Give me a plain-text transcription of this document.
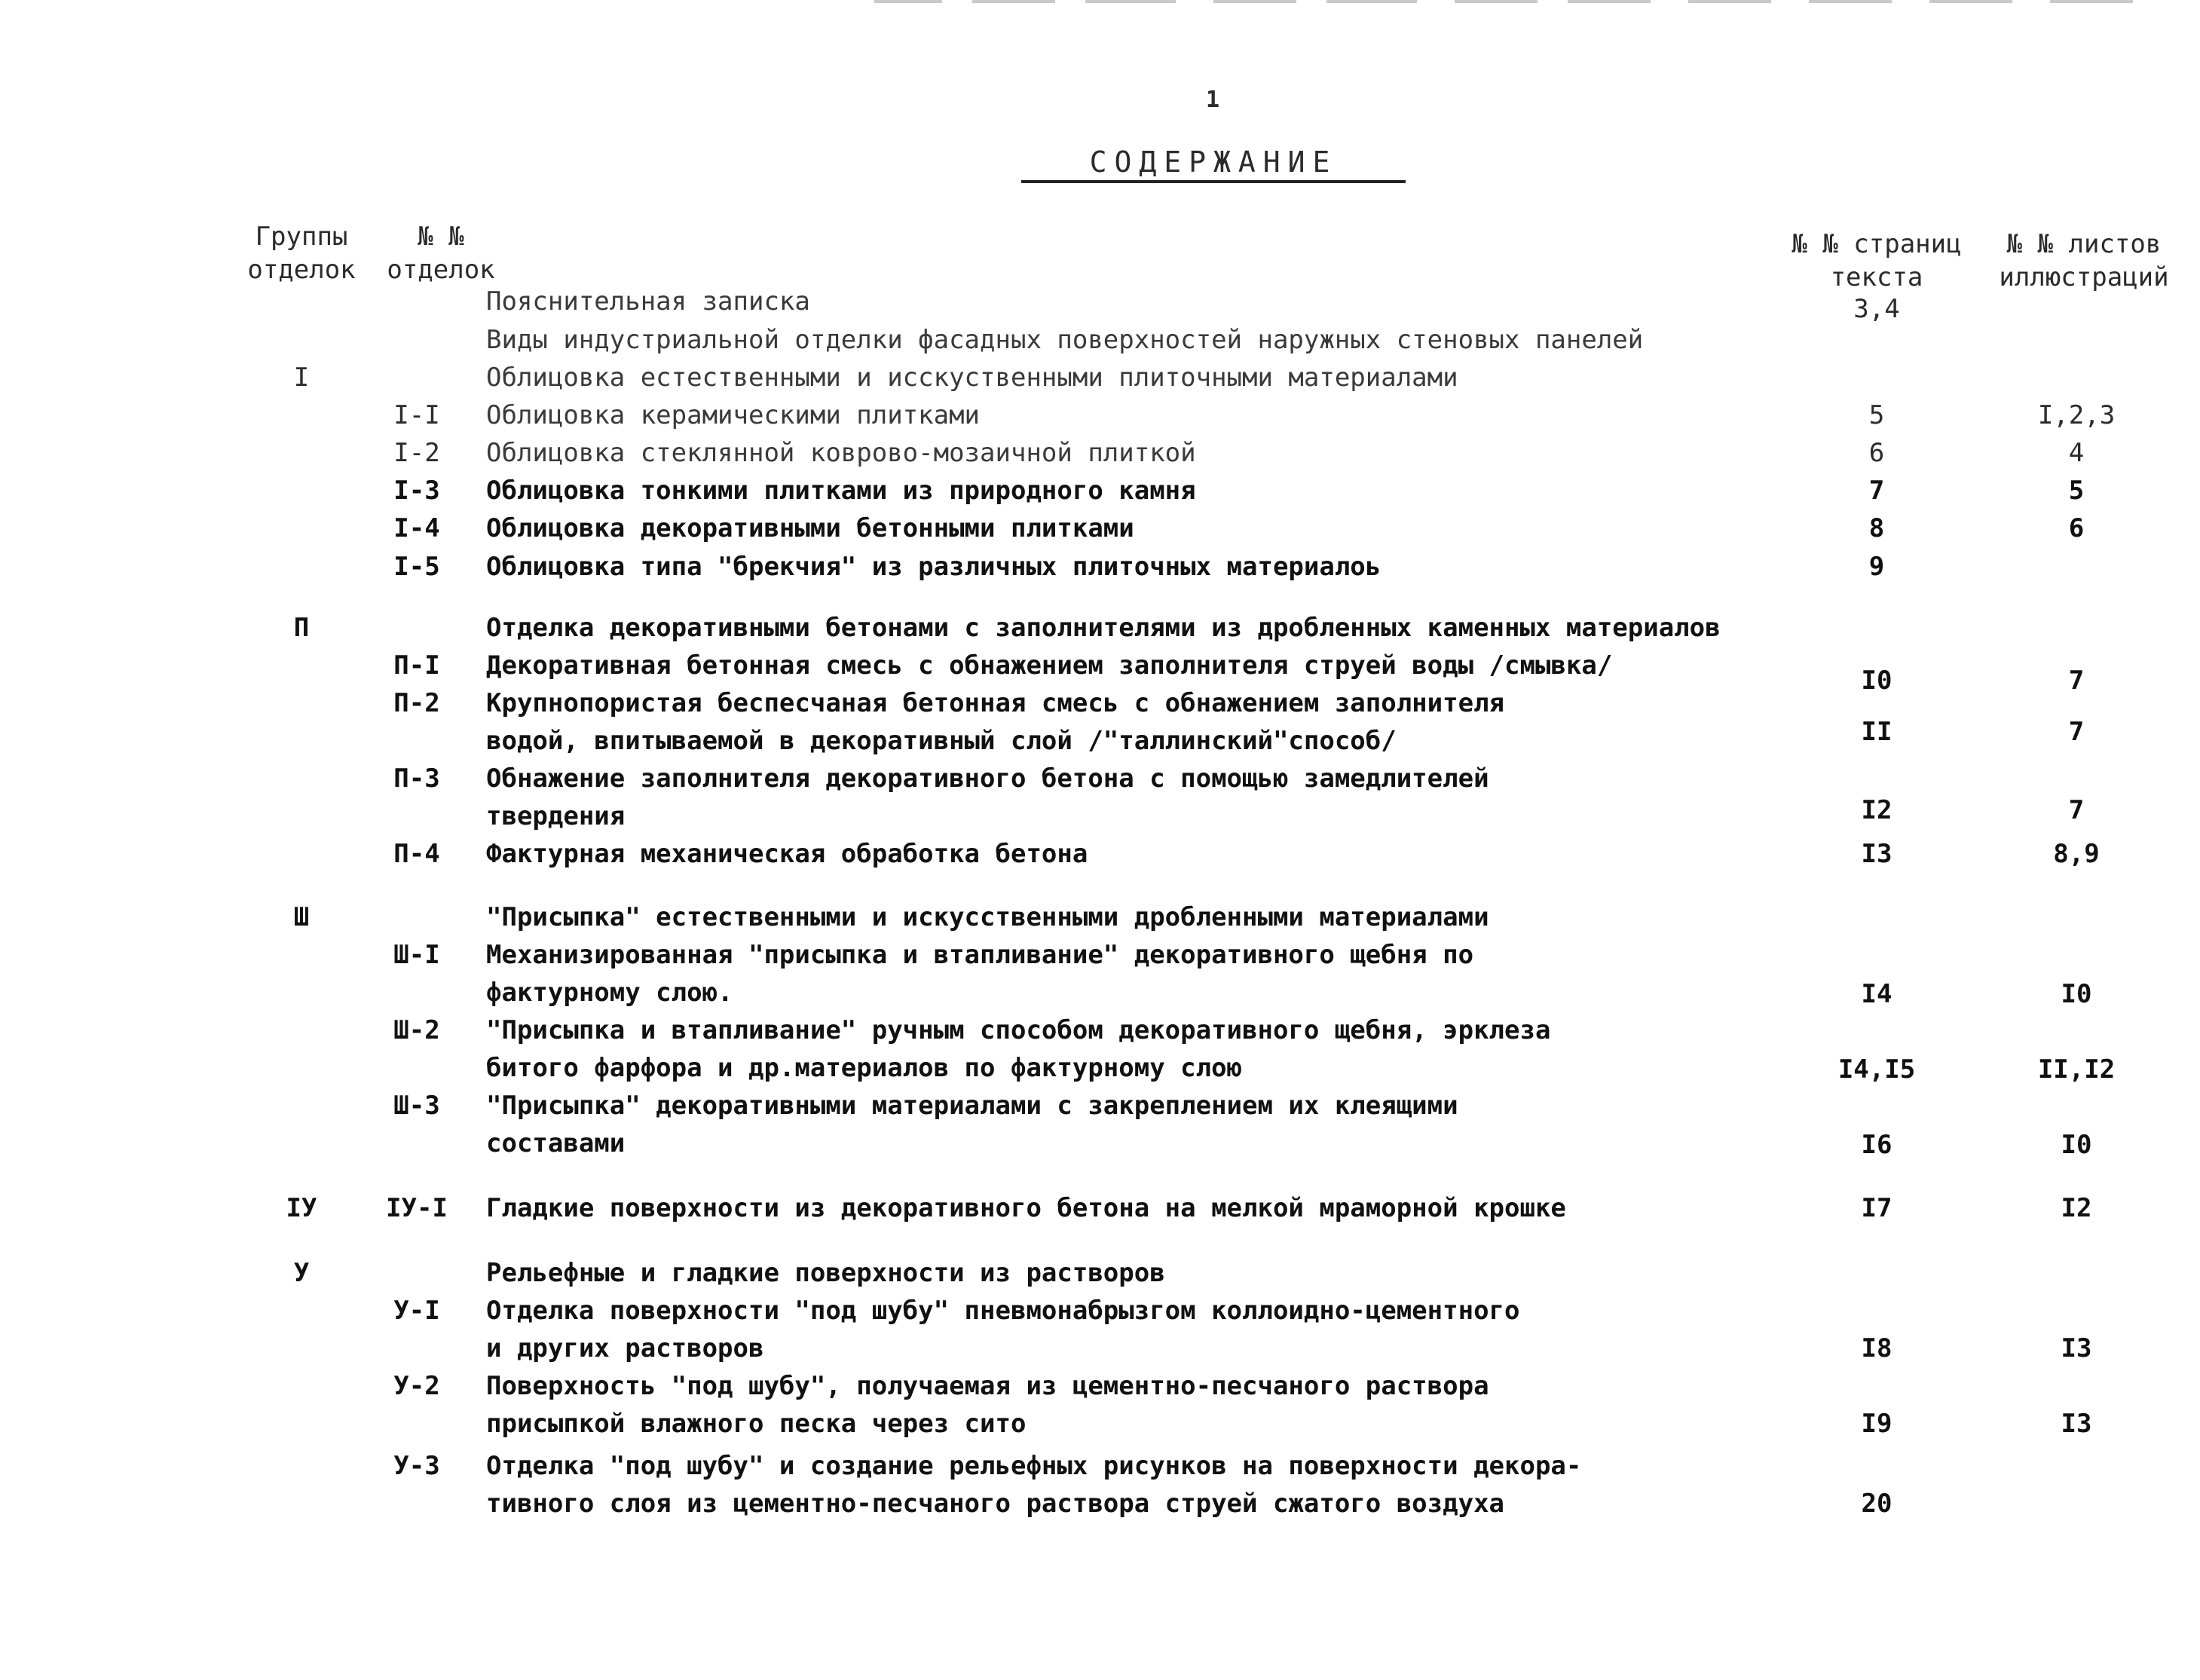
1
СОДЕРЖАНИЕ
Группы
отделок
№ №
отделок
№ № страниц
текста
№ № листов
иллюстраций
Пояснительная записка	3,4
Виды индустриальной отделки фасадных поверхностей наружных стеновых панелей
I	Облицовка естественными и исскуственными плиточными материалами
I-I	Облицовка керамическими плитками	5	I,2,3
I-2	Облицовка стеклянной ковровo-мозаичной плиткой	6	4
I-3	Облицовка тонкими плитками из природного камня	7	5
I-4	Облицовка декоративными бетонными плитками	8	6
I-5	Облицовка типа "брекчия" из различных плиточных материалоь	9
П	Отделка декоративными бетонами с заполнителями из дробленных каменных материалов
П-I	Декоративная бетонная смесь с обнажением заполнителя струей воды /смывка/	I0	7
П-2	Крупнопористая беспесчаная бетонная смесь с обнажением заполнителя
водой, впитываемой в декоративный слой /"таллинский"способ/	II	7
П-3	Обнажение заполнителя декоративного бетона с помощью замедлителей
твердения	I2	7
П-4	Фактурная механическая обработка бетона	I3	8,9
Ш	"Присыпка" естественными и искусственными дробленными материалами
Ш-I	Механизированная "присыпка и втапливание" декоративного щебня по
фактурному слою.	I4	I0
Ш-2	"Присыпка и втапливание" ручным способом декоративного щебня, эрклеза
битого фарфора и др.материалов по фактурному слою	I4,I5	II,I2
Ш-3	"Присыпка" декоративными материалами с закреплением их клеящими
составами	I6	I0
IУ	IУ-I	Гладкие поверхности из декоративного бетона на мелкой мраморной крошке	I7	I2
У	Рельефные и гладкие поверхности из растворов
У-I	Отделка поверхности "под шубу" пневмонабрызгом коллоидно-цементного
и других растворов	I8	I3
У-2	Поверхность "под шубу", получаемая из цементно-песчаного раствора
присыпкой влажного песка через сито	I9	I3
У-3	Отделка "под шубу" и создание рельефных рисунков на поверхности декора-
тивного слоя из цементно-песчаного раствора струей сжатого воздуха	20
